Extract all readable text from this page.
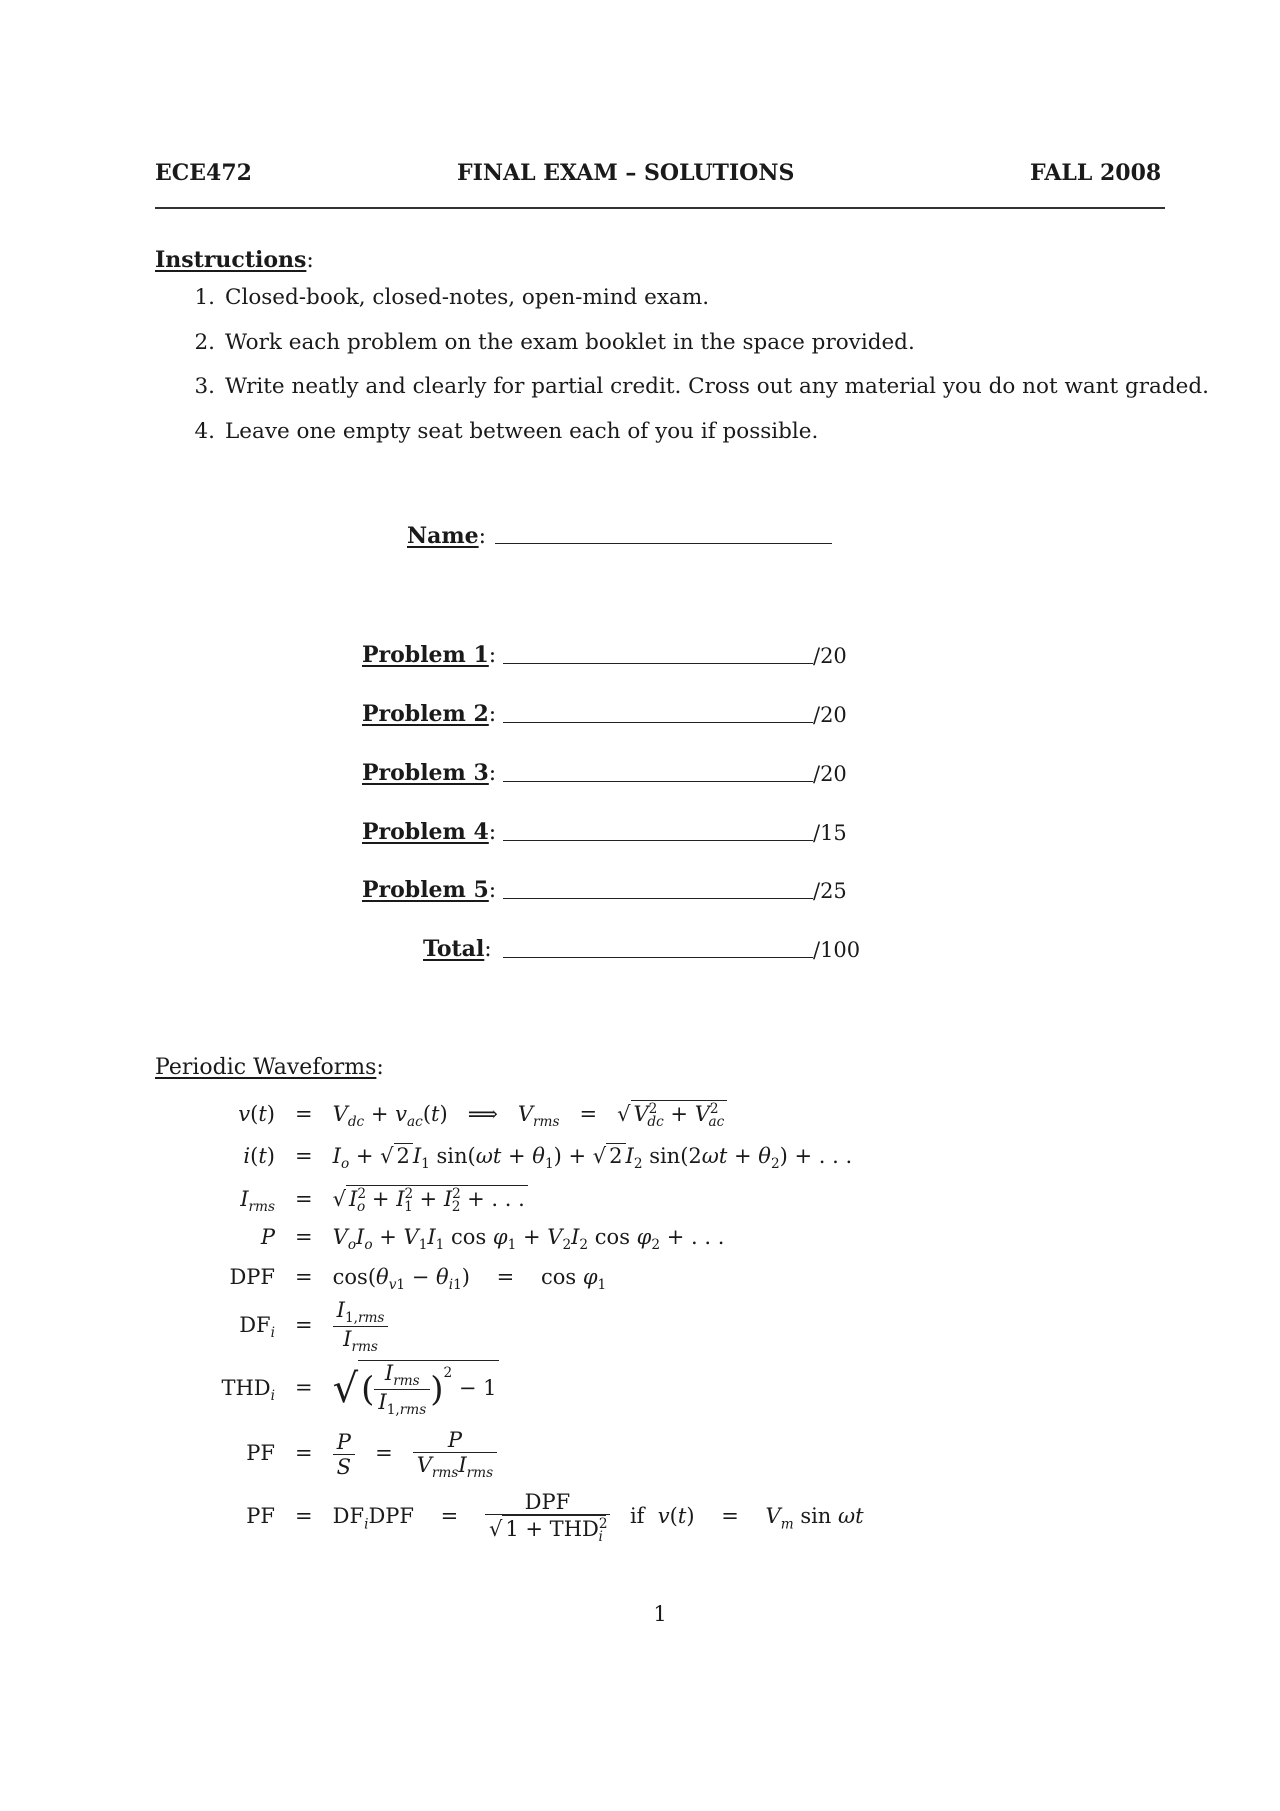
ECE472	FINAL EXAM – SOLUTIONS	FALL 2008
Instructions:
1. Closed-book, closed-notes, open-mind exam.
2. Work each problem on the exam booklet in the space provided.
3. Write neatly and clearly for partial credit. Cross out any material you do not want graded.
4. Leave one empty seat between each of you if possible.
Name:
Problem 1:	/20
Problem 2:	/20
Problem 3:	/20
Problem 4:	/15
Problem 5:	/25
Total:	/100
Periodic Waveforms:
$v(t) = V_{dc} + v_{ac}(t)$   ⟹   $V_{rms}$   =   √ $V^2_{dc} + V^2_{ac}$
$i(t) = I_o$ + √ 2 $I_1$ $\sin(\omega t + \theta_1)$ + √ 2 $I_2$ $\sin(2\omega t + \theta_2)$ + . . .
$I_{rms}$   =   √ $I^2_o + I^2_1 + I^2_2$ + . . .
$P = V_oI_o + V_1I_1$ $\cos \varphi_1 + V_2I_2$ $\cos \varphi_2$ + . . .
DPF   =   $\cos(\theta_{v1} - \theta_{i1})$    =    $\cos \varphi_1$
$DF_i = \frac{I_{1,rms}}{I_{rms}}$
$THD_i$   =   √( $\frac{I_{rms}}{I_{1,rms}} )^2 - 1$
PF   = $\frac{P}{S} = \frac{P}{V_{rms}I_{rms}}$
PF   =   $DF_iDPF$    = $\frac{\text{DPF}}{√ 1 + THD^2_i}$ if v(t)    =    $V_m$ sin ωt
1
